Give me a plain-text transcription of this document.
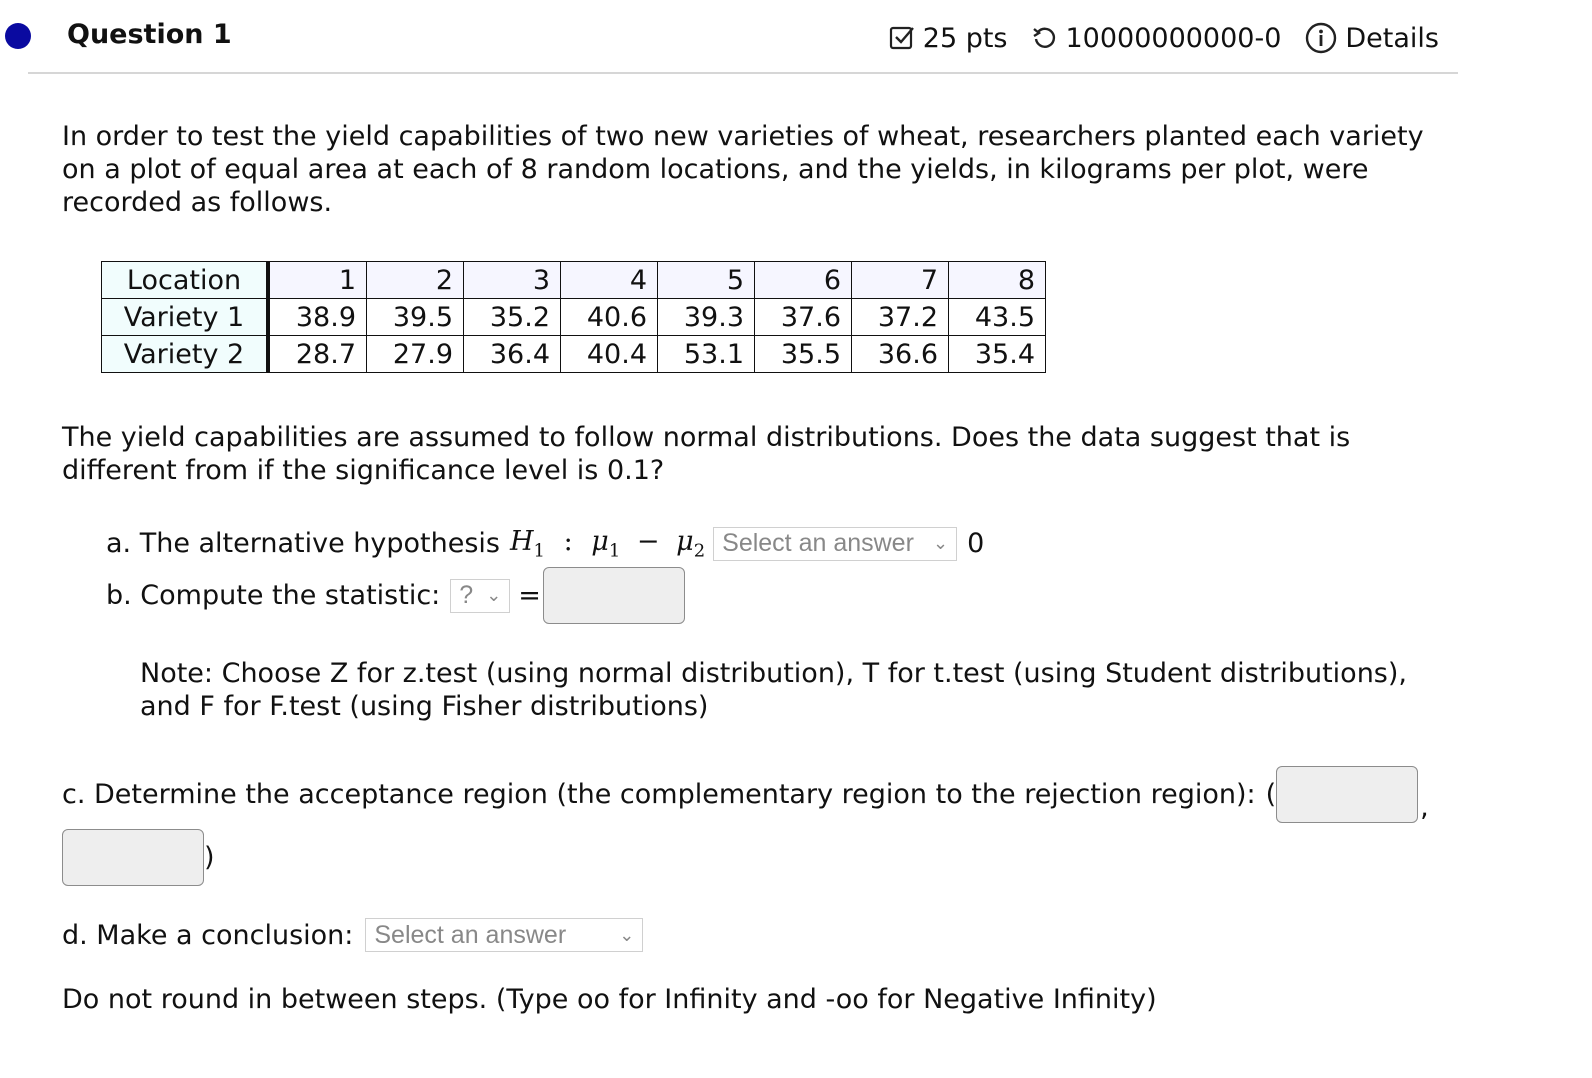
Question 1	25 pts 10000000000-0 Details
In order to test the yield capabilities of two new varieties of wheat, researchers planted each variety on a plot of equal area at each of 8 random locations, and the yields, in kilograms per plot, were recorded as follows.
Location	1	2	3	4	5	6	7	8
Variety 1	38.9	39.5	35.2	40.6	39.3	37.6	37.2	43.5
Variety 2	28.7	27.9	36.4	40.4	53.1	35.5	36.6	35.4
The yield capabilities are assumed to follow normal distributions. Does the data suggest that is different from if the significance level is 0.1?
a. The alternative hypothesis $H_1$ : $\mu_1 - \mu_2$ Select an answer ⌄ 0
b. Compute the statistic: ? ⌄ =
Note: Choose Z for z.test (using normal distribution), T for t.test (using Student distributions), and F for F.test (using Fisher distributions)
c. Determine the acceptance region (the complementary region to the rejection region): (	,
)
d. Make a conclusion: Select an answer	⌄
Do not round in between steps. (Type oo for Infinity and -oo for Negative Infinity)
